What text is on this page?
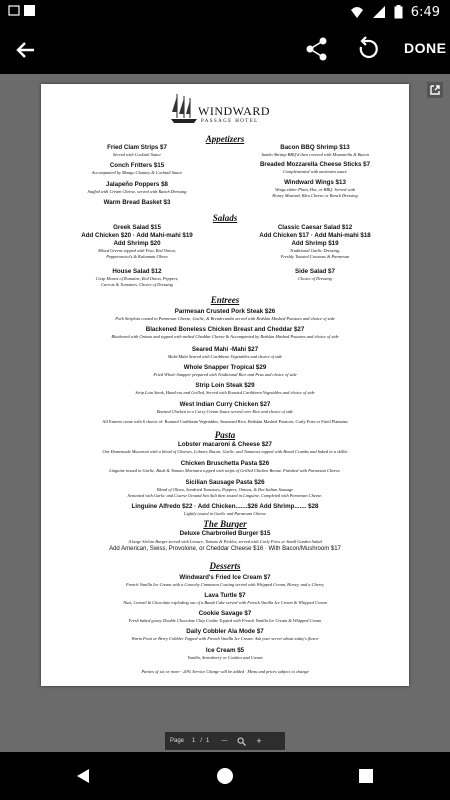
6:49
DONE
WINDWARD
PASSAGE HOTEL
Appetizers
Fried Clam Strips $7
Served with Cocktail Sauce
Conch Fritters $15
Accompanied by Mango Chutney & Cocktail Sauce
Jalapeño Poppers $8
Stuffed with Cream Cheese, served with Ranch Dressing
Warm Bread Basket $3
Bacon BBQ Shrimp $13
Jumbo Shrimp BBQ'd then covered with Mozzarella & Bacon
Breaded Mozzarella Cheese Sticks $7
Complemented with marinara sauce
Windward Wings $13
Wings either Plain, Hot, or BBQ. Served with
Honey Mustard, Bleu Cheese or Ranch Dressing
Salads
Greek Salad $15
Add Chicken $20 · Add Mahi-mahi $19
Add Shrimp $20
Mixed Greens topped with Feta, Red Onion,
Pepperoncini's & Kalamata Olives
House Salad $12
Crisp Hearts of Romaine, Red Onion, Peppers,
Carrots & Tomatoes. Choice of Dressing
Classic Caesar Salad $12
Add Chicken $17 · Add Mahi-mahi $18
Add Shrimp $19
Traditional Garlic Dressing,
Freshly Toasted Croutons & Parmesan
Side Salad $7
Choice of Dressing
Entrees
Parmesan Crusted Pork Steak $26
Pork Striploin coated in Parmesan Cheese, Garlic, & Breadcrumbs served with Redskin Mashed Potatoes and choice of side
Blackened Boneless Chicken Breast and Cheddar $27
Blackened with Onions and topped with melted Cheddar Cheese & Accompanied by Redskin Mashed Potatoes and choice of side
Seared Mahi -Mahi $27
Mahi-Mahi Seared with Caribbean Vegetables and choice of side
Whole Snapper Tropical $29
Fried Whole Snapper prepared with Traditional Rice and Peas and choice of side
Strip Loin Steak $29
Strip Loin Steak, Hand-cut and Grilled, Served with Roasted Caribbean Vegetables and choice of side
West Indian Curry Chicken $27
Braised Chicken in a Curry Cream Sauce served over Rice and choice of side
All Entrees come with 6 choice of: Roasted Caribbean Vegetables, Seasoned Rice, Redskin Mashed Potatoes, Curly Fries or Fried Plantains
Pasta
Lobster macaroni & Cheese $27
Our Homemade Macaroni with a blend of Cheeses, Lobster, Bacon, Garlic, and Tomatoes topped with Bread Crumbs and baked in a skillet
Chicken Bruschetta Pasta $26
Linguine tossed in Garlic, Basil & Tomato Marinara topped with strips of Grilled Chicken Breast. Finished with Parmesan Cheese.
Sicilian Sausage Pasta $26
Blend of Olives, Sundried Tomatoes, Peppers, Onions, & Hot Italian Sausage
Seasoned with Garlic and Coarse Ground Sea Salt then tossed in Linguine, Completed with Parmesan Cheese.
Linguine Alfredo $22 · Add Chicken.......$26 Add Shrimp....... $28
Lightly tossed in Garlic and Parmesan Cheese
The Burger
Deluxe Charbroiled Burger $15
A large Sirloin Burger served with Lettuce, Tomato & Pickles, served with Curly Fries or Small Garden Salad
Add American, Swiss, Provolone, or Cheddar Cheese $16 · With Bacon/Mushroom $17
Desserts
Windward's Fried Ice Cream $7
French Vanilla Ice Cream with a Crunchy Cinnamon Coating served with Whipped Cream, Honey, and a Cherry
Lava Turtle $7
Nuts, Carmel & Chocolate exploding out of a Bundt Cake served with French Vanilla Ice Cream & Whipped Cream
Cookie Savage $7
Fresh baked gooey Double Chocolate Chip Cookie Topped with French Vanilla Ice Cream & Whipped Cream
Daily Cobbler Ala Mode $7
Warm Fruit or Berry Cobbler Topped with French Vanilla Ice Cream. Ask your server about today's flavor
Ice Cream $5
Vanilla, Strawberry or Cookies and Cream
Parties of six or more - 20% Service Charge will be added · Menu and prices subject to change
Page 1 / 1 —	+
